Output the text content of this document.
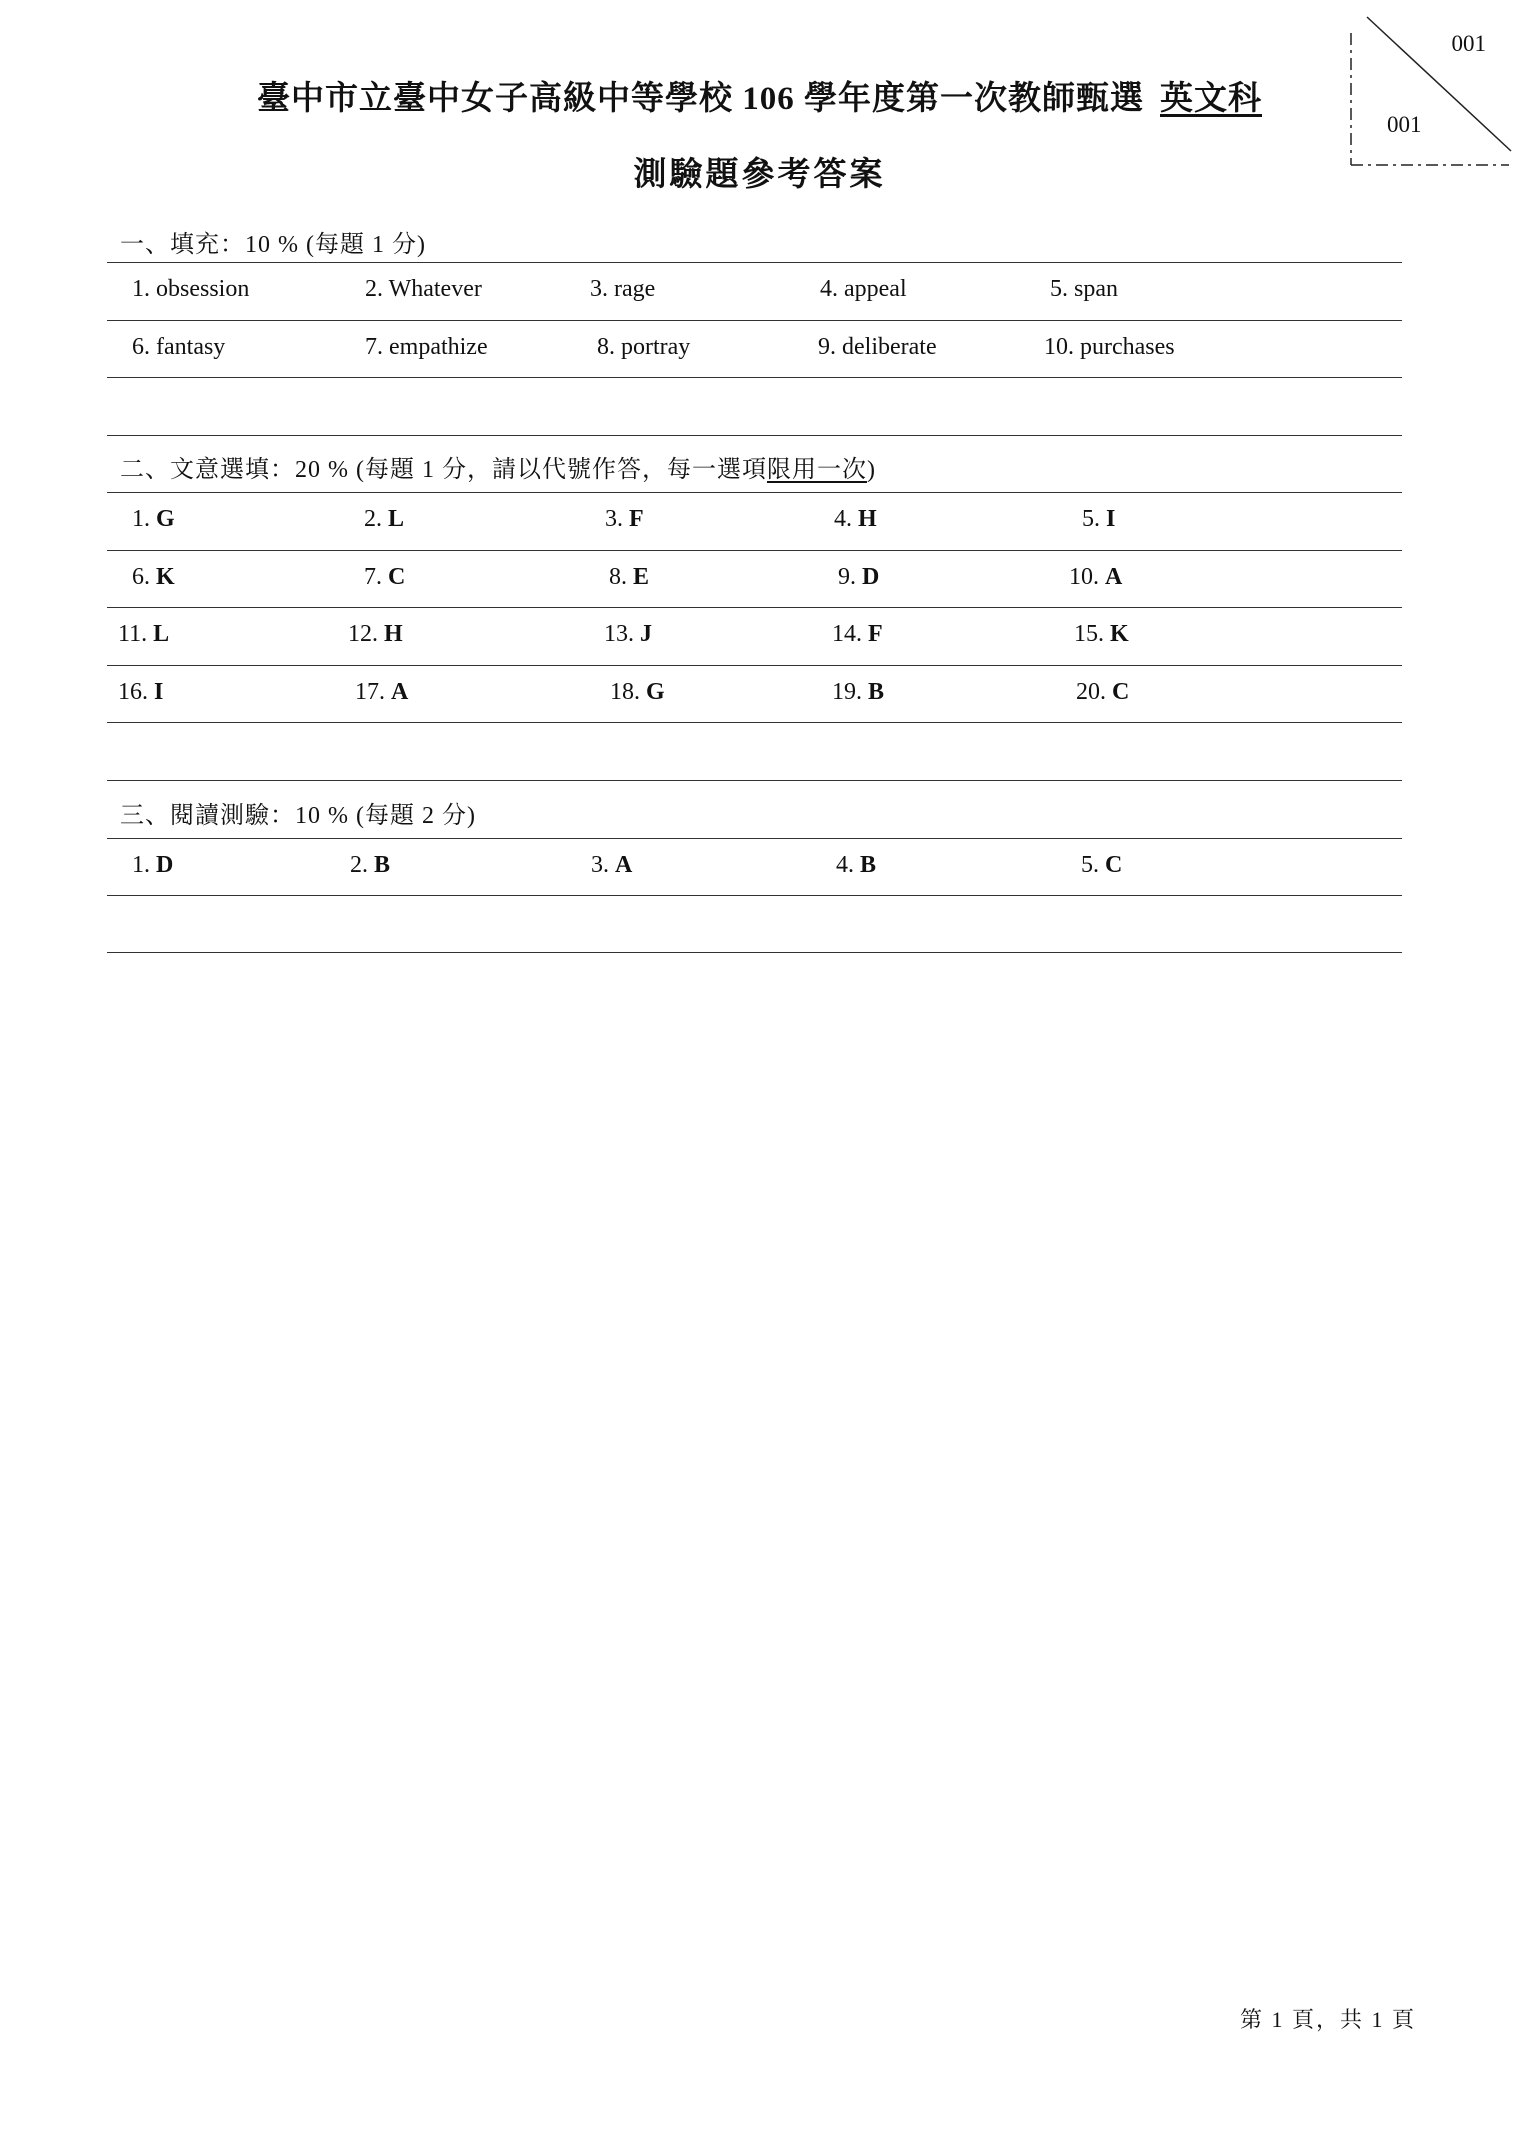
001
001
臺中市立臺中女子高級中等學校 106 學年度第一次教師甄選 英文科
測驗題參考答案
一、填充：10 % (每題 1 分)
1. obsession	2. Whatever	3. rage	4. appeal	5. span
6. fantasy	7. empathize	8. portray	9. deliberate	10. purchases
二、文意選填：20 % (每題 1 分，請以代號作答，每一選項限用一次)
1. G	2. L	3. F	4. H	5. I
6. K	7. C	8. E	9. D	10. A
11. L	12. H	13. J	14. F	15. K
16. I	17. A	18. G	19. B	20. C
三、閱讀測驗：10 % (每題 2 分)
1. D	2. B	3. A	4. B	5. C
第 1 頁，共 1 頁
